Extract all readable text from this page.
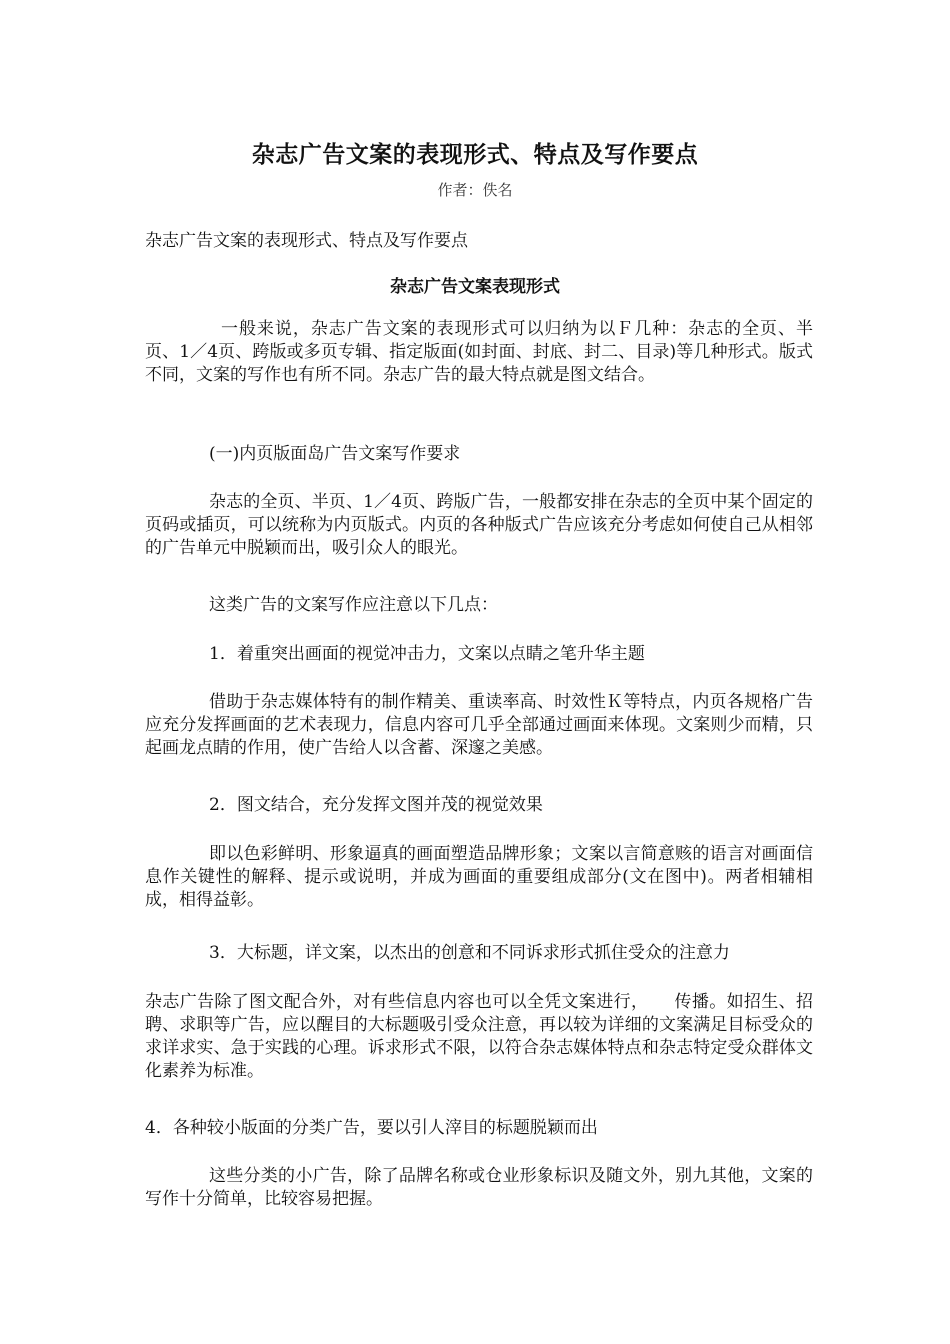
杂志广告文案的表现形式、特点及写作要点
作者：佚名
杂志广告文案的表现形式、特点及写作要点
杂志广告文案表现形式
一般来说，杂志广告文案的表现形式可以归纳为以Ｆ几种：杂志的全页、半页、1／4页、跨版或多页专辑、指定版面(如封面、封底、封二、目录)等几种形式。版式不同，文案的写作也有所不同。杂志广告的最大特点就是图文结合。
(一)内页版面岛广告文案写作要求
杂志的全页、半页、1／4页、跨版广告，一般都安排在杂志的全页中某个固定的页码或插页，可以统称为内页版式。内页的各种版式广告应该充分考虑如何使自己从相邻的广告单元中脱颖而出，吸引众人的眼光。
这类广告的文案写作应注意以下几点：
1．着重突出画面的视觉冲击力，文案以点睛之笔升华主题
借助于杂志媒体特有的制作精美、重读率高、时效性Ｋ等特点，内页各规格广告应充分发挥画面的艺术表现力，信息内容可几乎全部通过画面来体现。文案则少而精，只起画龙点睛的作用，使广告给人以含蓄、深邃之美感。
2．图文结合，充分发挥文图并茂的视觉效果
即以色彩鲜明、形象逼真的画面塑造品牌形象；文案以言简意赅的语言对画面信息作关键性的解释、提示或说明，并成为画面的重要组成部分(文在图中)。两者相辅相成，相得益彰。
3．大标题，详文案，以杰出的创意和不同诉求形式抓住受众的注意力
杂志广告除了图文配合外，对有些信息内容也可以全凭文案进行，　　传播。如招生、招聘、求职等广告，应以醒目的大标题吸引受众注意，再以较为详细的文案满足目标受众的求详求实、急于实践的心理。诉求形式不限，以符合杂志媒体特点和杂志特定受众群体文化素养为标准。
4．各种较小版面的分类广告，要以引人滓目的标题脱颖而出
这些分类的小广告，除了品牌名称或仓业形象标识及随文外，别九其他，文案的写作十分简单，比较容易把握。
